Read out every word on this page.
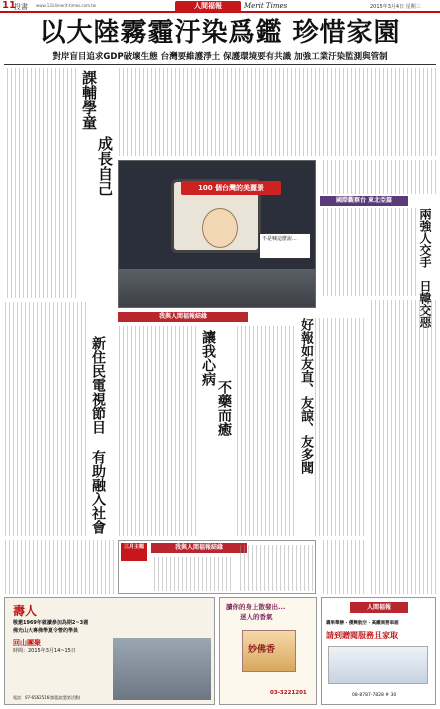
11
投書 www.1314merit-times.com.tw	人間福報	Merit Times	2015年3月4日 星期三
以大陸霧霾汙染爲鑑 珍惜家園
對岸盲目追求GDP破壞生態 台灣要維護淨土 保護環境要有共識 加強工業汙染監測與管制
課輔學童
成長自己
新住民電視節目
有助融入社會
100 個台灣的美麗景
不是喊這麼說...
我與人間福報結緣
讓我心病
不藥而癒	好報如友直、友諒、友多聞
國際觀察台 東北亞篇
兩強人交手
日韓交惡
三月主題	我與人間福報結緣
壽人
敬邀1969年就讀參加為期2~3週
佛光山大專佛學夏令營的學員
回山團聚
時間：2015年3月14~15日
電話：07-6562516(都監院慧第活動)
讀你的身上散發出...
迷人的香氣
妙佛香
03-3221201
人間福報
壽果舉辦 · 優興航空 · 高鐵商務車廂
請到贈閱服務且家取
08-8787-7828 # 30
